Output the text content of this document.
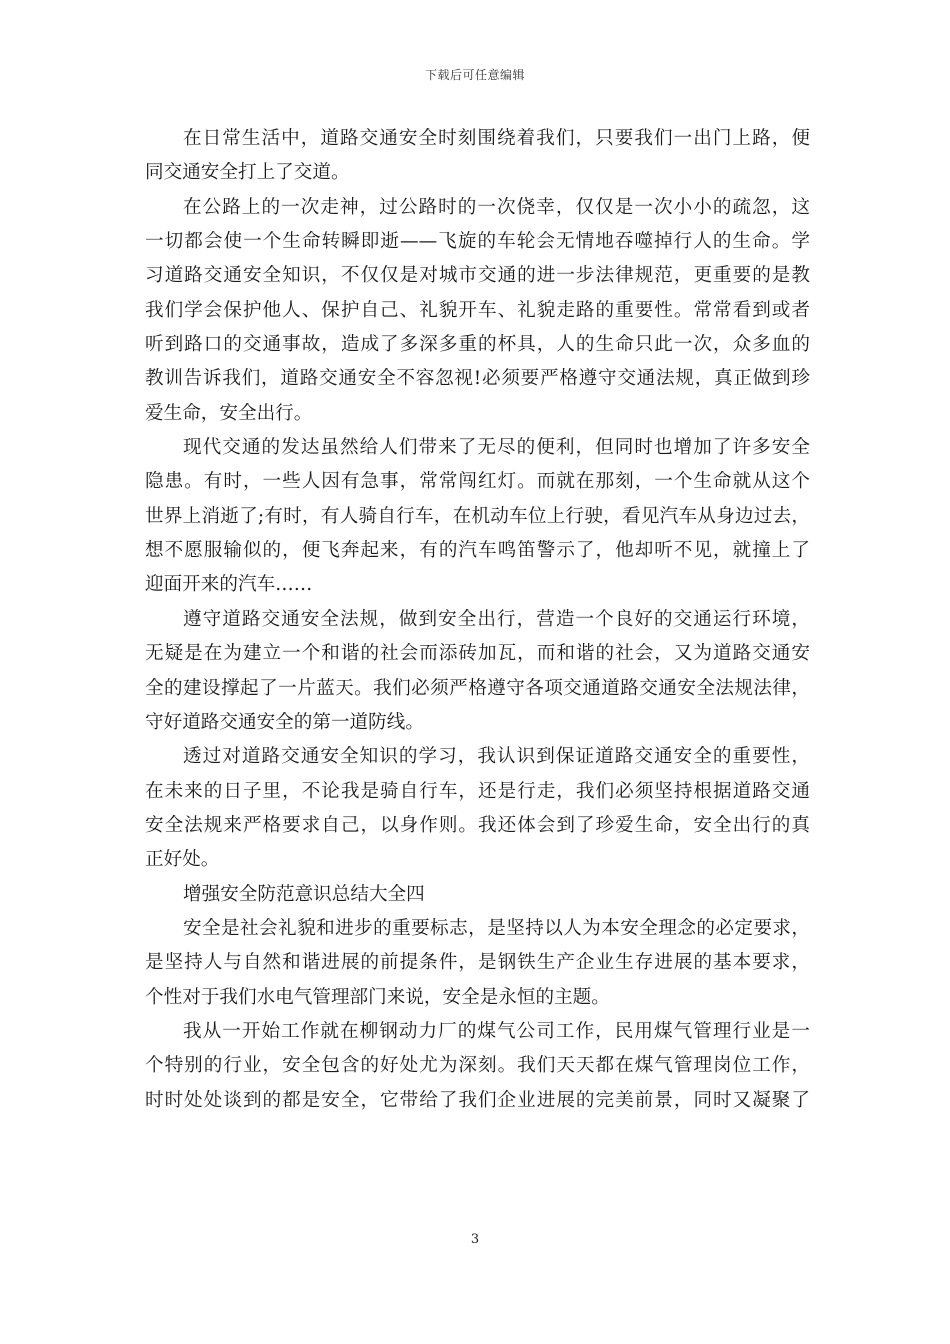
下载后可任意编辑
在日常生活中，道路交通安全时刻围绕着我们，只要我们一出门上路，便
同交通安全打上了交道。
在公路上的一次走神，过公路时的一次侥幸，仅仅是一次小小的疏忽，这
一切都会使一个生命转瞬即逝——飞旋的车轮会无情地吞噬掉行人的生命。学
习道路交通安全知识，不仅仅是对城市交通的进一步法律规范，更重要的是教
我们学会保护他人、保护自己、礼貌开车、礼貌走路的重要性。常常看到或者
听到路口的交通事故，造成了多深多重的杯具，人的生命只此一次，众多血的
教训告诉我们，道路交通安全不容忽视!必须要严格遵守交通法规，真正做到珍
爱生命，安全出行。
现代交通的发达虽然给人们带来了无尽的便利，但同时也增加了许多安全
隐患。有时，一些人因有急事，常常闯红灯。而就在那刻，一个生命就从这个
世界上消逝了;有时，有人骑自行车，在机动车位上行驶，看见汽车从身边过去，
想不愿服输似的，便飞奔起来，有的汽车鸣笛警示了，他却听不见，就撞上了
迎面开来的汽车……
遵守道路交通安全法规，做到安全出行，营造一个良好的交通运行环境，
无疑是在为建立一个和谐的社会而添砖加瓦，而和谐的社会，又为道路交通安
全的建设撑起了一片蓝天。我们必须严格遵守各项交通道路交通安全法规法律，
守好道路交通安全的第一道防线。
透过对道路交通安全知识的学习，我认识到保证道路交通安全的重要性，
在未来的日子里，不论我是骑自行车，还是行走，我们必须坚持根据道路交通
安全法规来严格要求自己，以身作则。我还体会到了珍爱生命，安全出行的真
正好处。
增强安全防范意识总结大全四
安全是社会礼貌和进步的重要标志，是坚持以人为本安全理念的必定要求，
是坚持人与自然和谐进展的前提条件，是钢铁生产企业生存进展的基本要求，
个性对于我们水电气管理部门来说，安全是永恒的主题。
我从一开始工作就在柳钢动力厂的煤气公司工作，民用煤气管理行业是一
个特别的行业，安全包含的好处尤为深刻。我们天天都在煤气管理岗位工作，
时时处处谈到的都是安全，它带给了我们企业进展的完美前景，同时又凝聚了
3
